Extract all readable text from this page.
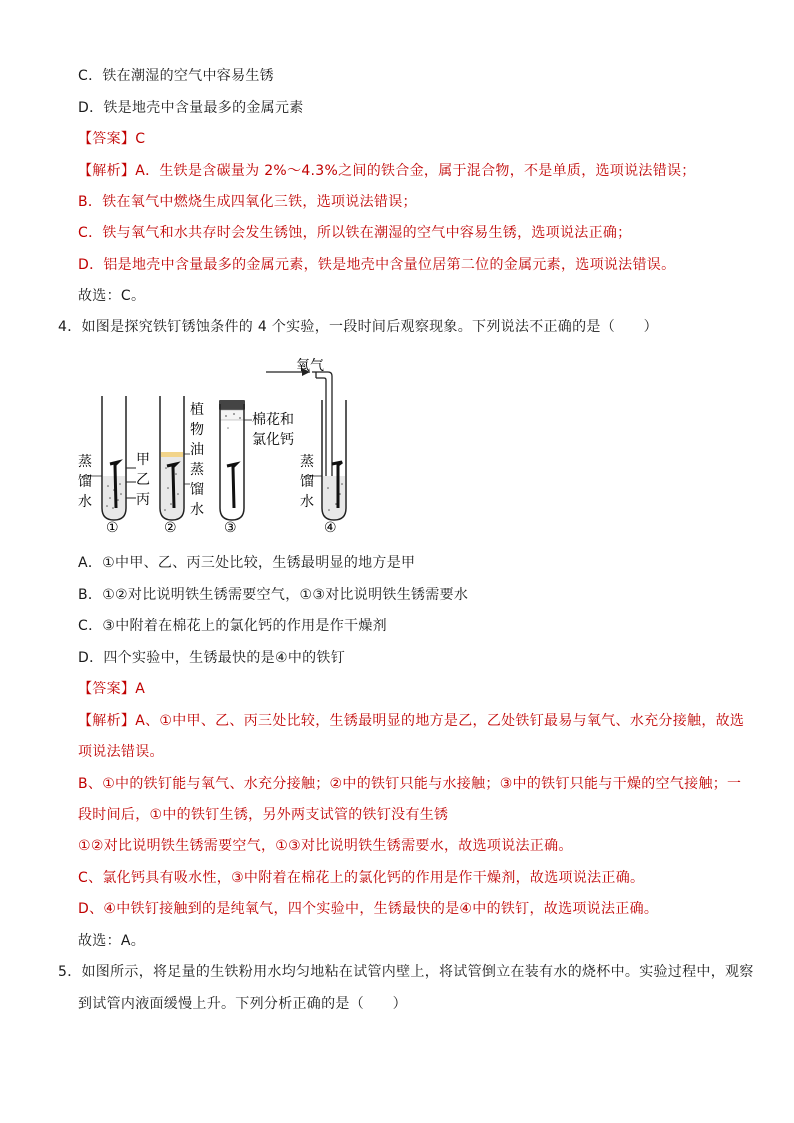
C．铁在潮湿的空气中容易生锈
D．铁是地壳中含量最多的金属元素
【答案】C
【解析】A．生铁是含碳量为 2%～4.3%之间的铁合金，属于混合物，不是单质，选项说法错误；
B．铁在氧气中燃烧生成四氧化三铁，选项说法错误；
C．铁与氧气和水共存时会发生锈蚀，所以铁在潮湿的空气中容易生锈，选项说法正确；
D．铝是地壳中含量最多的金属元素，铁是地壳中含量位居第二位的金属元素，选项说法错误。
故选：C。
4．如图是探究铁钉锈蚀条件的 4 个实验，一段时间后观察现象。下列说法不正确的是（　　）
蒸
馏
水
甲
乙
丙
①
植
物
油
蒸
馏
水
②
棉花和
氯化钙
③
氧气
蒸
馏
水
④
A．①中甲、乙、丙三处比较，生锈最明显的地方是甲
B．①②对比说明铁生锈需要空气，①③对比说明铁生锈需要水
C．③中附着在棉花上的氯化钙的作用是作干燥剂
D．四个实验中，生锈最快的是④中的铁钉
【答案】A
【解析】A、①中甲、乙、丙三处比较，生锈最明显的地方是乙，乙处铁钉最易与氧气、水充分接触，故选
项说法错误。
B、①中的铁钉能与氧气、水充分接触；②中的铁钉只能与水接触；③中的铁钉只能与干燥的空气接触；一
段时间后，①中的铁钉生锈，另外两支试管的铁钉没有生锈
①②对比说明铁生锈需要空气，①③对比说明铁生锈需要水，故选项说法正确。
C、氯化钙具有吸水性，③中附着在棉花上的氯化钙的作用是作干燥剂，故选项说法正确。
D、④中铁钉接触到的是纯氧气，四个实验中，生锈最快的是④中的铁钉，故选项说法正确。
故选：A。
5．如图所示，将足量的生铁粉用水均匀地粘在试管内壁上，将试管倒立在装有水的烧杯中。实验过程中，观察
到试管内液面缓慢上升。下列分析正确的是（　　）
